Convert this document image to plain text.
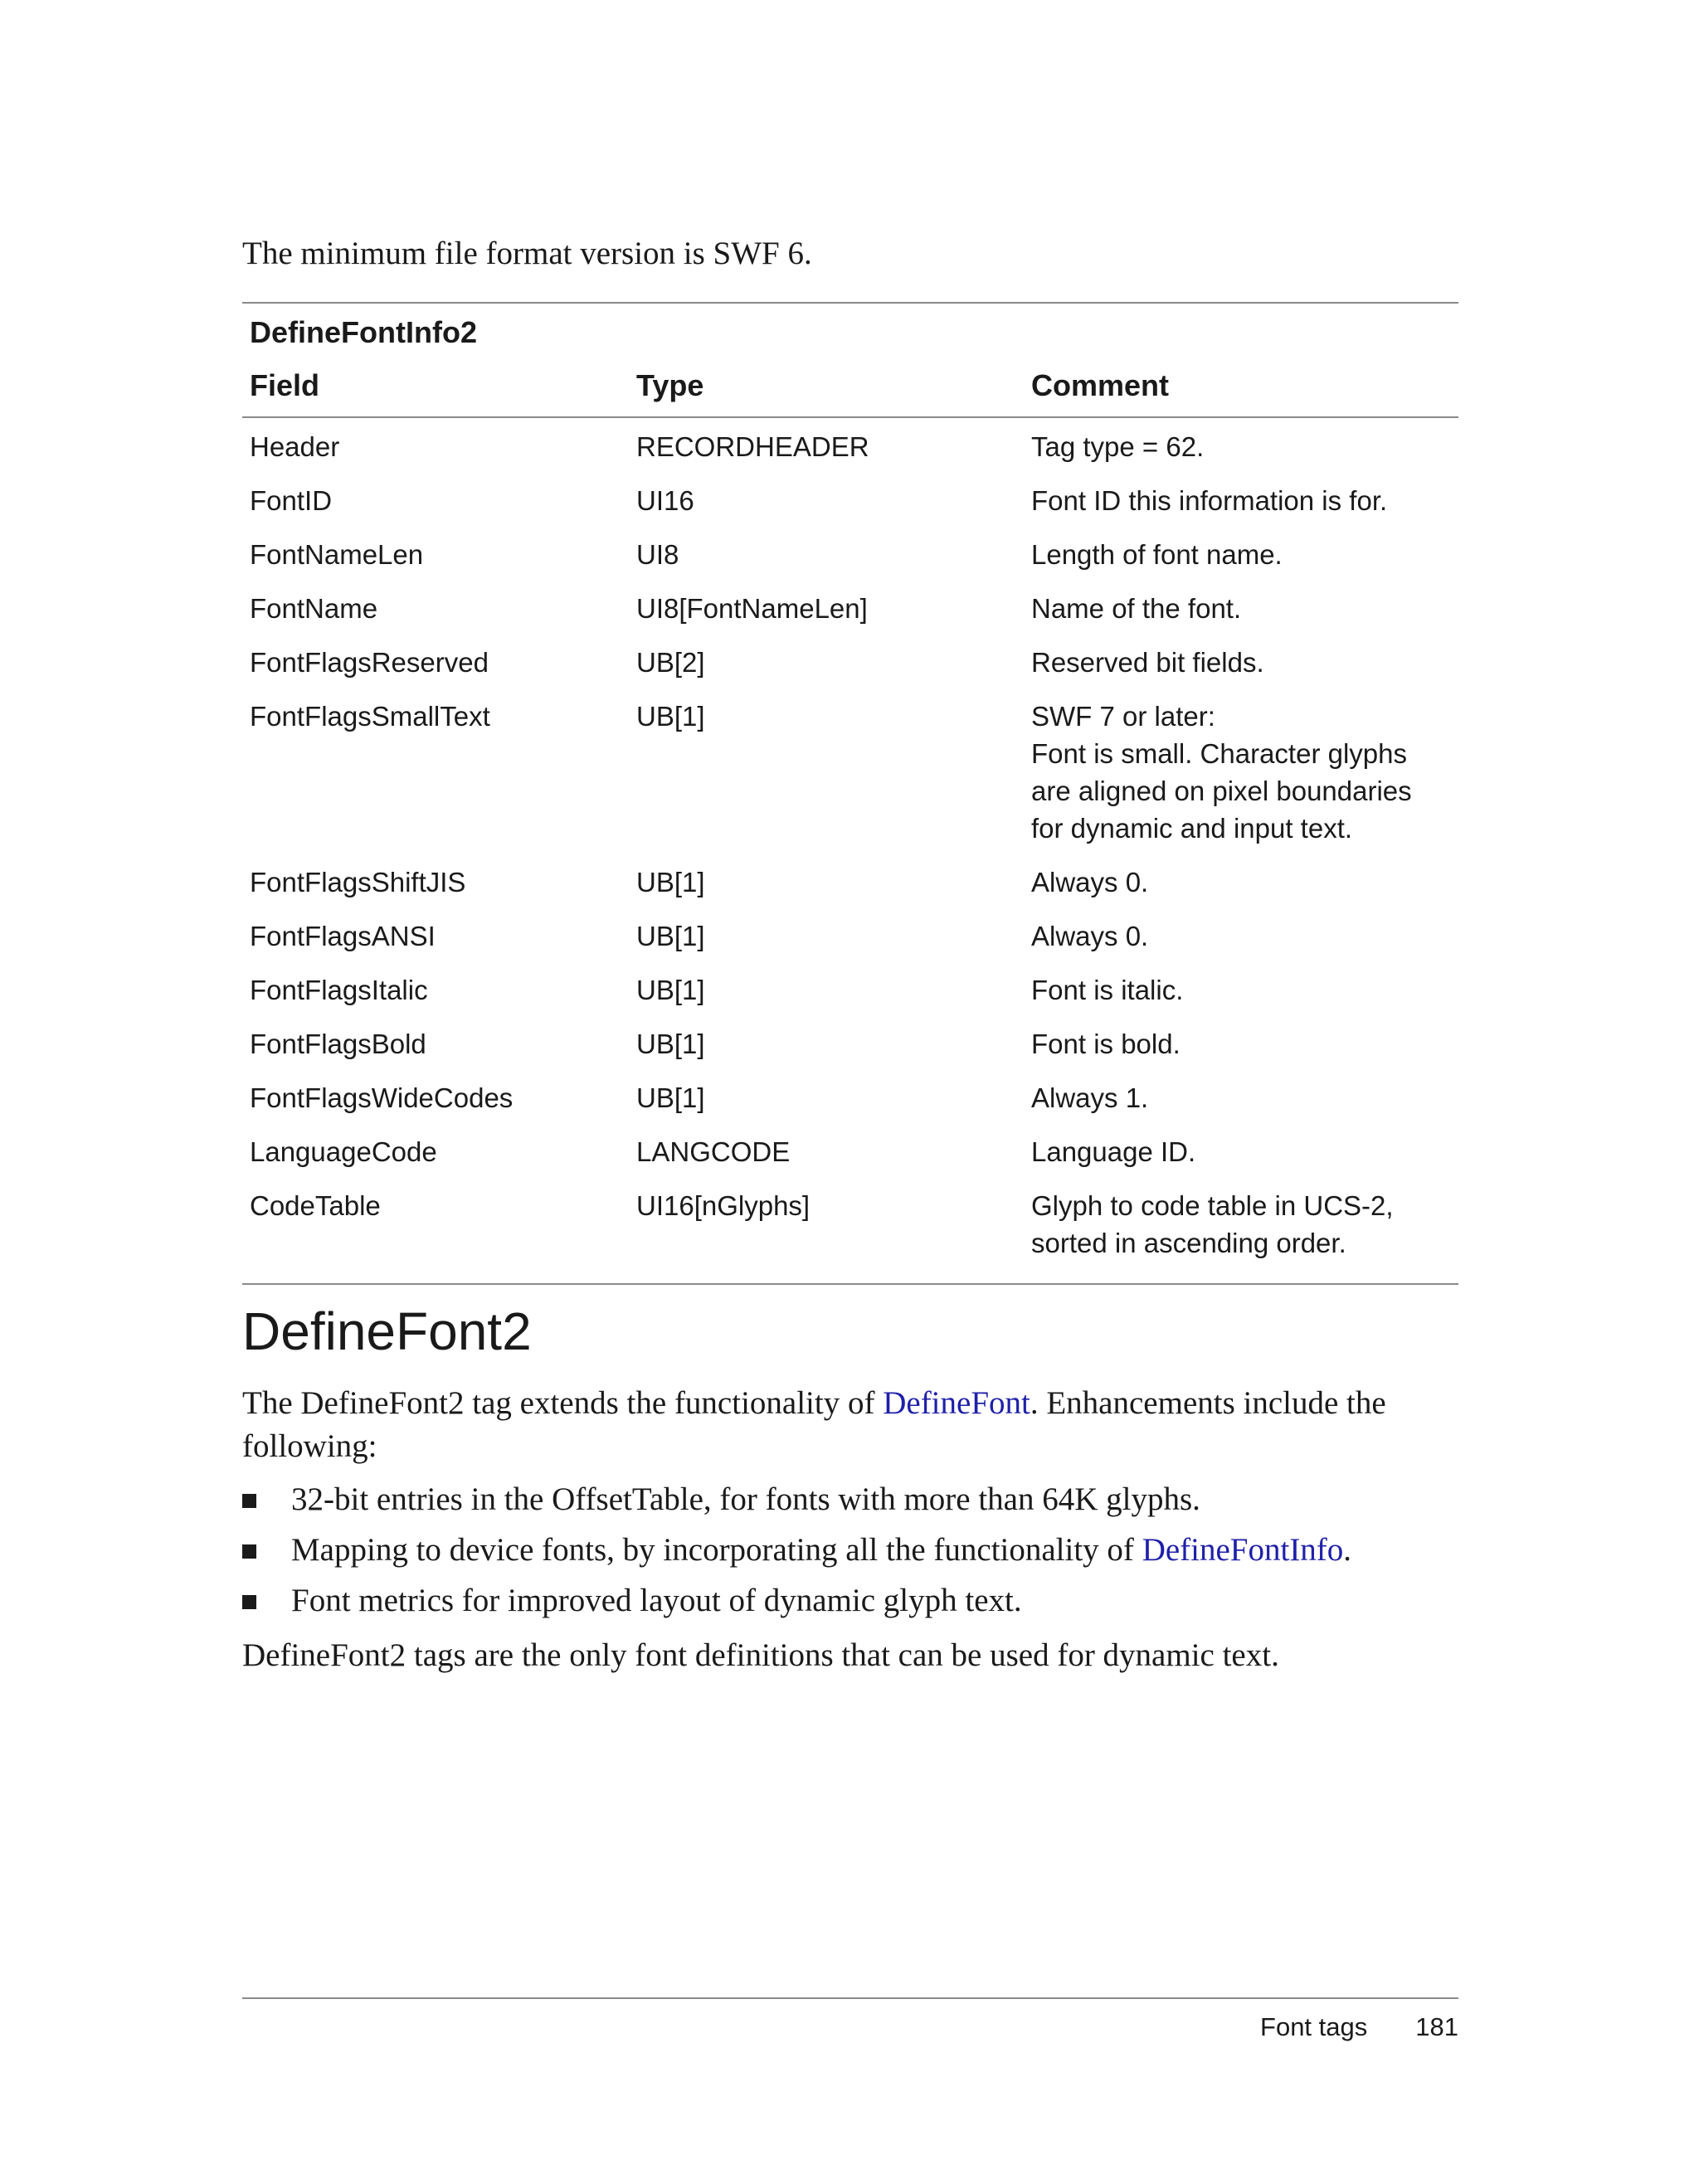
The minimum file format version is SWF 6.
DefineFontInfo2
Field	Type	Comment
Header	RECORDHEADER	Tag type = 62.
FontID	UI16	Font ID this information is for.
FontNameLen	UI8	Length of font name.
FontName	UI8[FontNameLen]	Name of the font.
FontFlagsReserved	UB[2]	Reserved bit fields.
FontFlagsSmallText	UB[1]	SWF 7 or later:
Font is small. Character glyphs
are aligned on pixel boundaries
for dynamic and input text.
FontFlagsShiftJIS	UB[1]	Always 0.
FontFlagsANSI	UB[1]	Always 0.
FontFlagsItalic	UB[1]	Font is italic.
FontFlagsBold	UB[1]	Font is bold.
FontFlagsWideCodes	UB[1]	Always 1.
LanguageCode	LANGCODE	Language ID.
CodeTable	UI16[nGlyphs]	Glyph to code table in UCS-2,
sorted in ascending order.
DefineFont2
The DefineFont2 tag extends the functionality of DefineFont. Enhancements include the following:
32-bit entries in the OffsetTable, for fonts with more than 64K glyphs.
Mapping to device fonts, by incorporating all the functionality of DefineFontInfo.
Font metrics for improved layout of dynamic glyph text.
DefineFont2 tags are the only font definitions that can be used for dynamic text.
Font tags 181
